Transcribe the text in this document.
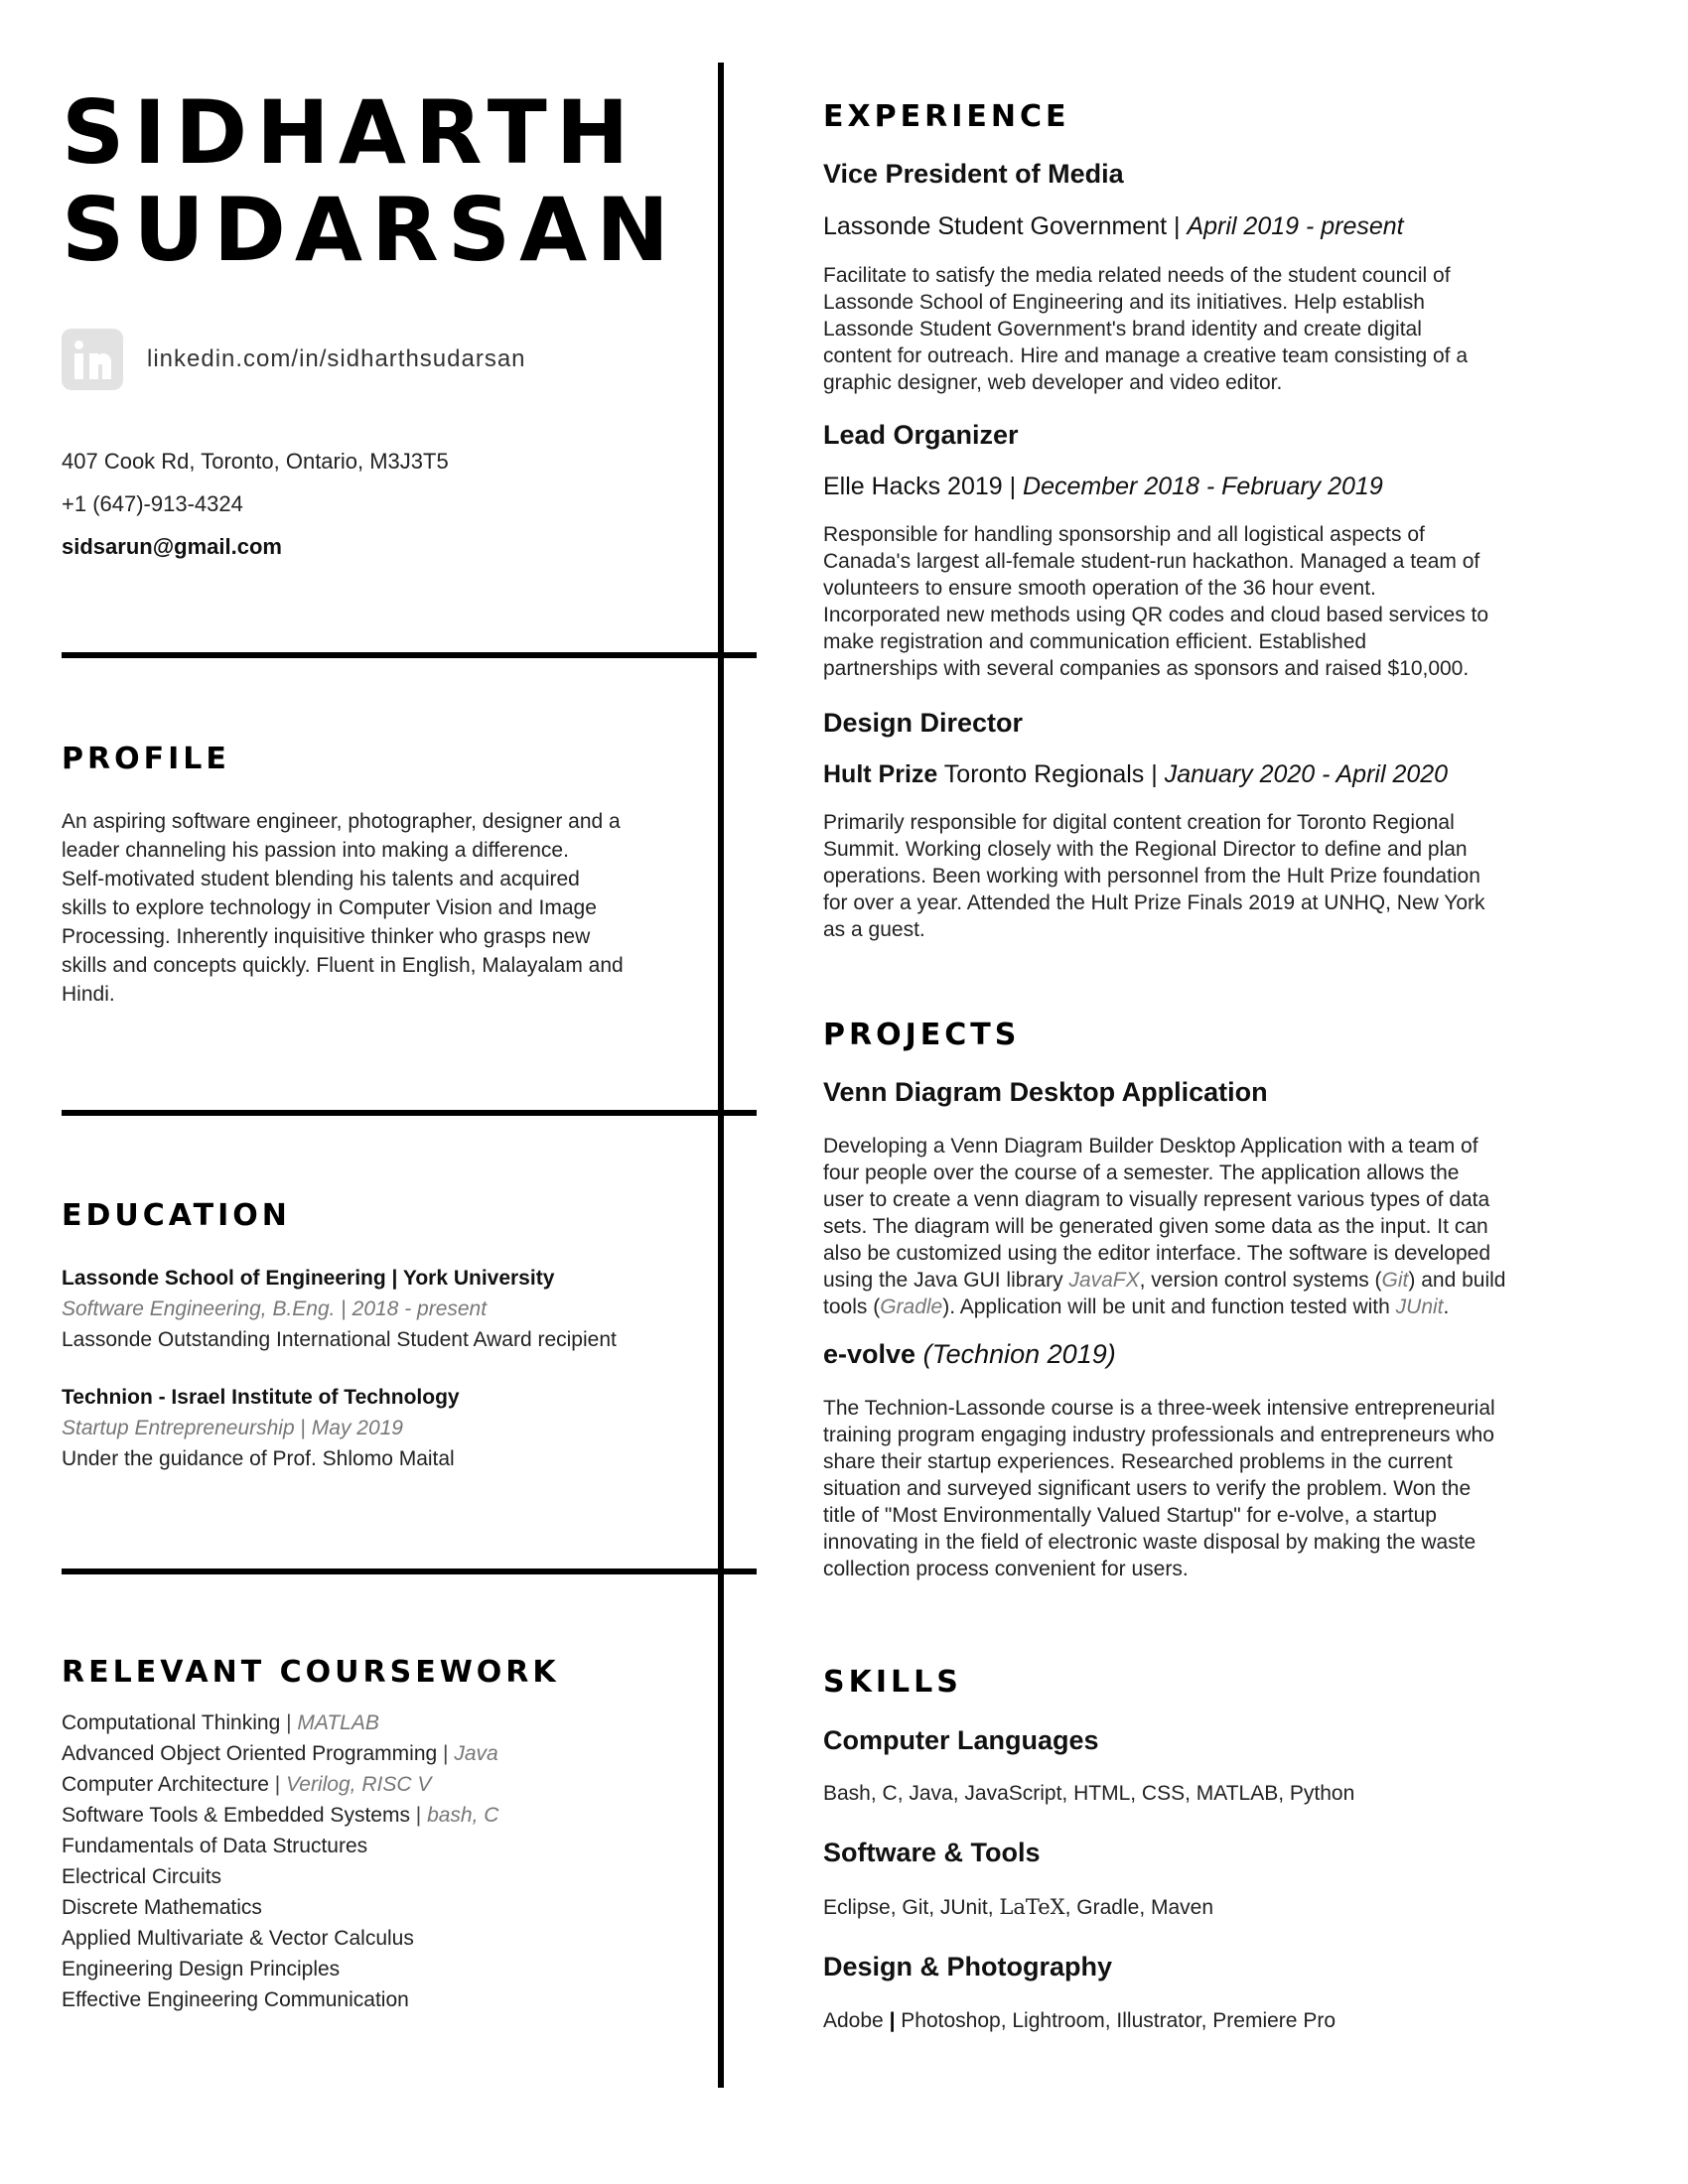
SIDHARTH
SUDARSAN
linkedin.com/in/sidharthsudarsan
407 Cook Rd, Toronto, Ontario, M3J3T5
+1 (647)-913-4324
sidsarun@gmail.com
PROFILE
An aspiring software engineer, photographer, designer and a
leader channeling his passion into making a difference.
Self-motivated student blending his talents and acquired
skills to explore technology in Computer Vision and Image
Processing. Inherently inquisitive thinker who grasps new
skills and concepts quickly. Fluent in English, Malayalam and
Hindi.
EDUCATION
Lassonde School of Engineering | York University
Software Engineering, B.Eng. | 2018 - present
Lassonde Outstanding International Student Award recipient
Technion - Israel Institute of Technology
Startup Entrepreneurship | May 2019
Under the guidance of Prof. Shlomo Maital
RELEVANT COURSEWORK
Computational Thinking | MATLAB
Advanced Object Oriented Programming | Java
Computer Architecture | Verilog, RISC V
Software Tools & Embedded Systems | bash, C
Fundamentals of Data Structures
Electrical Circuits
Discrete Mathematics
Applied Multivariate & Vector Calculus
Engineering Design Principles
Effective Engineering Communication
EXPERIENCE
Vice President of Media
Lassonde Student Government | April 2019 - present
Facilitate to satisfy the media related needs of the student council of
Lassonde School of Engineering and its initiatives. Help establish
Lassonde Student Government's brand identity and create digital
content for outreach. Hire and manage a creative team consisting of a
graphic designer, web developer and video editor.
Lead Organizer
Elle Hacks 2019 | December 2018 - February 2019
Responsible for handling sponsorship and all logistical aspects of
Canada's largest all-female student-run hackathon. Managed a team of
volunteers to ensure smooth operation of the 36 hour event.
Incorporated new methods using QR codes and cloud based services to
make registration and communication efficient. Established
partnerships with several companies as sponsors and raised $10,000.
Design Director
Hult Prize Toronto Regionals | January 2020 - April 2020
Primarily responsible for digital content creation for Toronto Regional
Summit. Working closely with the Regional Director to define and plan
operations. Been working with personnel from the Hult Prize foundation
for over a year. Attended the Hult Prize Finals 2019 at UNHQ, New York
as a guest.
PROJECTS
Venn Diagram Desktop Application
Developing a Venn Diagram Builder Desktop Application with a team of
four people over the course of a semester. The application allows the
user to create a venn diagram to visually represent various types of data
sets. The diagram will be generated given some data as the input. It can
also be customized using the editor interface. The software is developed
using the Java GUI library JavaFX, version control systems (Git) and build
tools (Gradle). Application will be unit and function tested with JUnit.
e-volve (Technion 2019)
The Technion-Lassonde course is a three-week intensive entrepreneurial
training program engaging industry professionals and entrepreneurs who
share their startup experiences. Researched problems in the current
situation and surveyed significant users to verify the problem. Won the
title of "Most Environmentally Valued Startup" for e-volve, a startup
innovating in the field of electronic waste disposal by making the waste
collection process convenient for users.
SKILLS
Computer Languages
Bash, C, Java, JavaScript, HTML, CSS, MATLAB, Python
Software & Tools
Eclipse, Git, JUnit, LaTeX, Gradle, Maven
Design & Photography
Adobe | Photoshop, Lightroom, Illustrator, Premiere Pro
